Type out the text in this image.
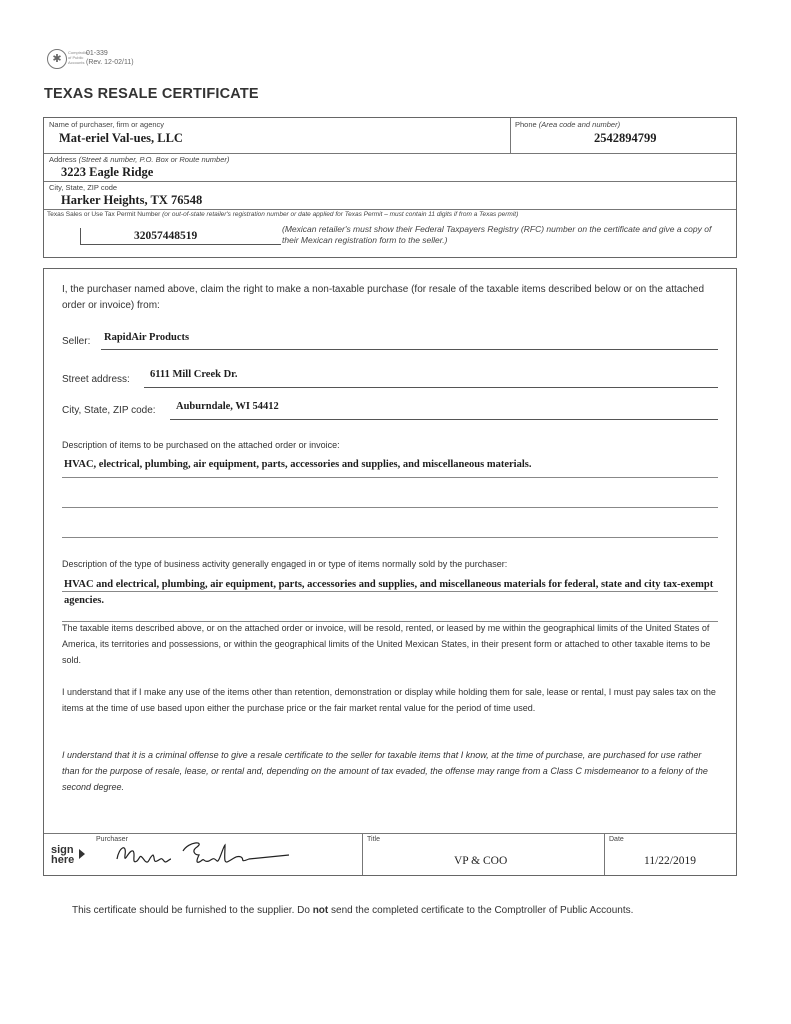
✱
Comptroller of Public Accounts
01-339
(Rev. 12-02/11)
TEXAS RESALE CERTIFICATE
Name of purchaser, firm or agency
Mat-eriel Val-ues, LLC
Phone (Area code and number)
2542894799
Address (Street & number, P.O. Box or Route number)
3223 Eagle Ridge
City, State, ZIP code
Harker Heights, TX 76548
Texas Sales or Use Tax Permit Number (or out-of-state retailer's registration number or date applied for Texas Permit – must contain 11 digits if from a Texas permit)
32057448519
(Mexican retailer's must show their Federal Taxpayers Registry (RFC) number on the certificate and give a copy of their Mexican registration form to the seller.)
I, the purchaser named above, claim the right to make a non-taxable purchase (for resale of the taxable items described below or on the attached order or invoice) from:
Seller: RapidAir Products
Street address: 6111 Mill Creek Dr.
City, State, ZIP code: Auburndale, WI 54412
Description of items to be purchased on the attached order or invoice:
HVAC, electrical, plumbing, air equipment, parts, accessories and supplies, and miscellaneous materials.
Description of the type of business activity generally engaged in or type of items normally sold by the purchaser:
HVAC and electrical, plumbing, air equipment, parts, accessories and supplies, and miscellaneous materials for federal, state and city tax-exempt agencies.
The taxable items described above, or on the attached order or invoice, will be resold, rented, or leased by me within the geographical limits of the United States of America, its territories and possessions, or within the geographical limits of the United Mexican States, in their present form or attached to other taxable items to be sold.
I understand that if I make any use of the items other than retention, demonstration or display while holding them for sale, lease or rental, I must pay sales tax on the items at the time of use based upon either the purchase price or the fair market rental value for the period of time used.
I understand that it is a criminal offense to give a resale certificate to the seller for taxable items that I know, at the time of purchase, are purchased for use rather than for the purpose of resale, lease, or rental and, depending on the amount of tax evaded, the offense may range from a Class C misdemeanor to a felony of the second degree.
sign
here
Purchaser	Title
VP & COO
Date
11/22/2019
This certificate should be furnished to the supplier. Do not send the completed certificate to the Comptroller of Public Accounts.
